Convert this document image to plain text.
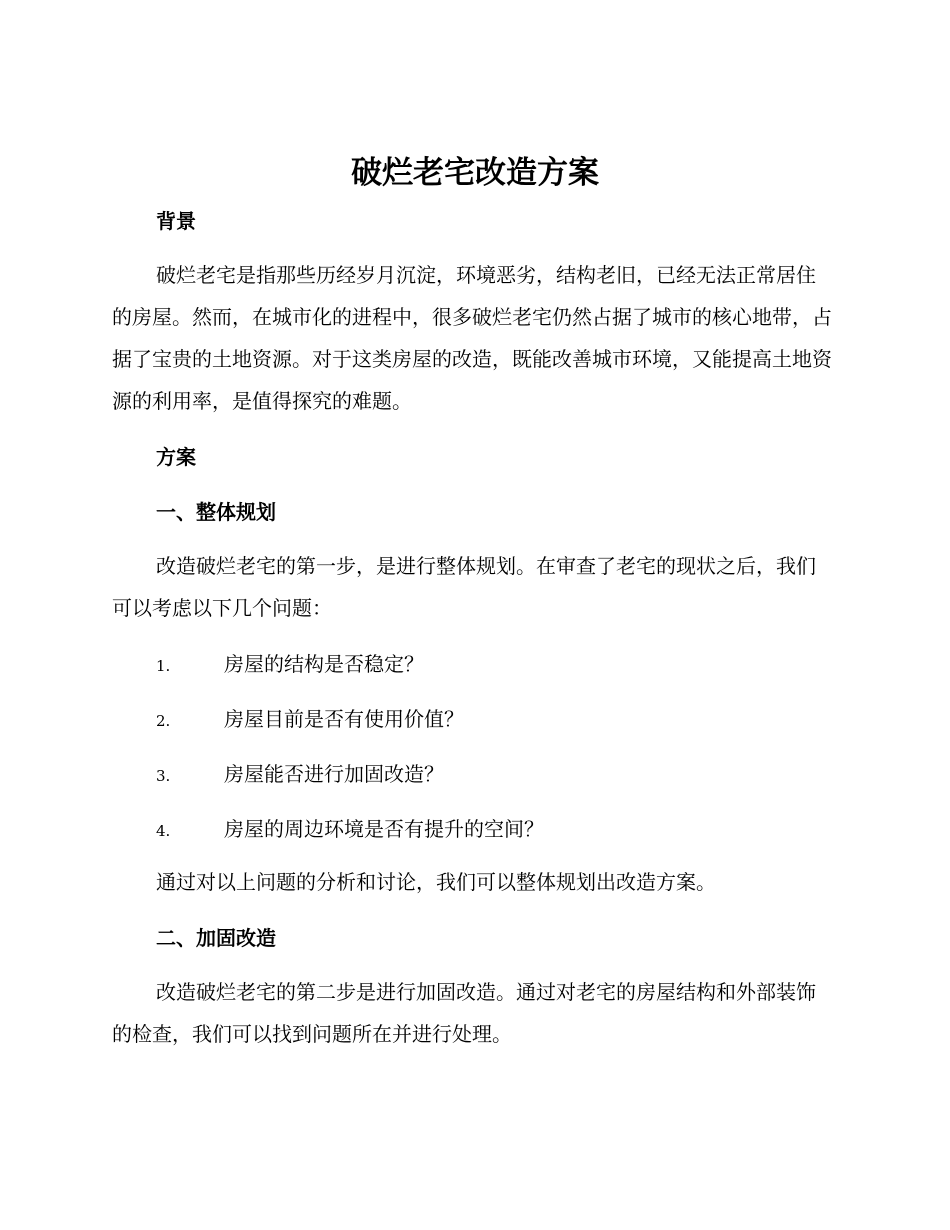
破烂老宅改造方案
背景

破烂老宅是指那些历经岁月沉淀，环境恶劣，结构老旧，已经无法正常居住的房屋。然而，在城市化的进程中，很多破烂老宅仍然占据了城市的核心地带，占据了宝贵的土地资源。对于这类房屋的改造，既能改善城市环境，又能提高土地资源的利用率，是值得探究的难题。

方案
一、整体规划

改造破烂老宅的第一步，是进行整体规划。在审查了老宅的现状之后，我们可以考虑以下几个问题：

1.	房屋的结构是否稳定？
2.	房屋目前是否有使用价值？
3.	房屋能否进行加固改造？
4.	房屋的周边环境是否有提升的空间？

通过对以上问题的分析和讨论，我们可以整体规划出改造方案。

二、加固改造

改造破烂老宅的第二步是进行加固改造。通过对老宅的房屋结构和外部装饰的检查，我们可以找到问题所在并进行处理。
